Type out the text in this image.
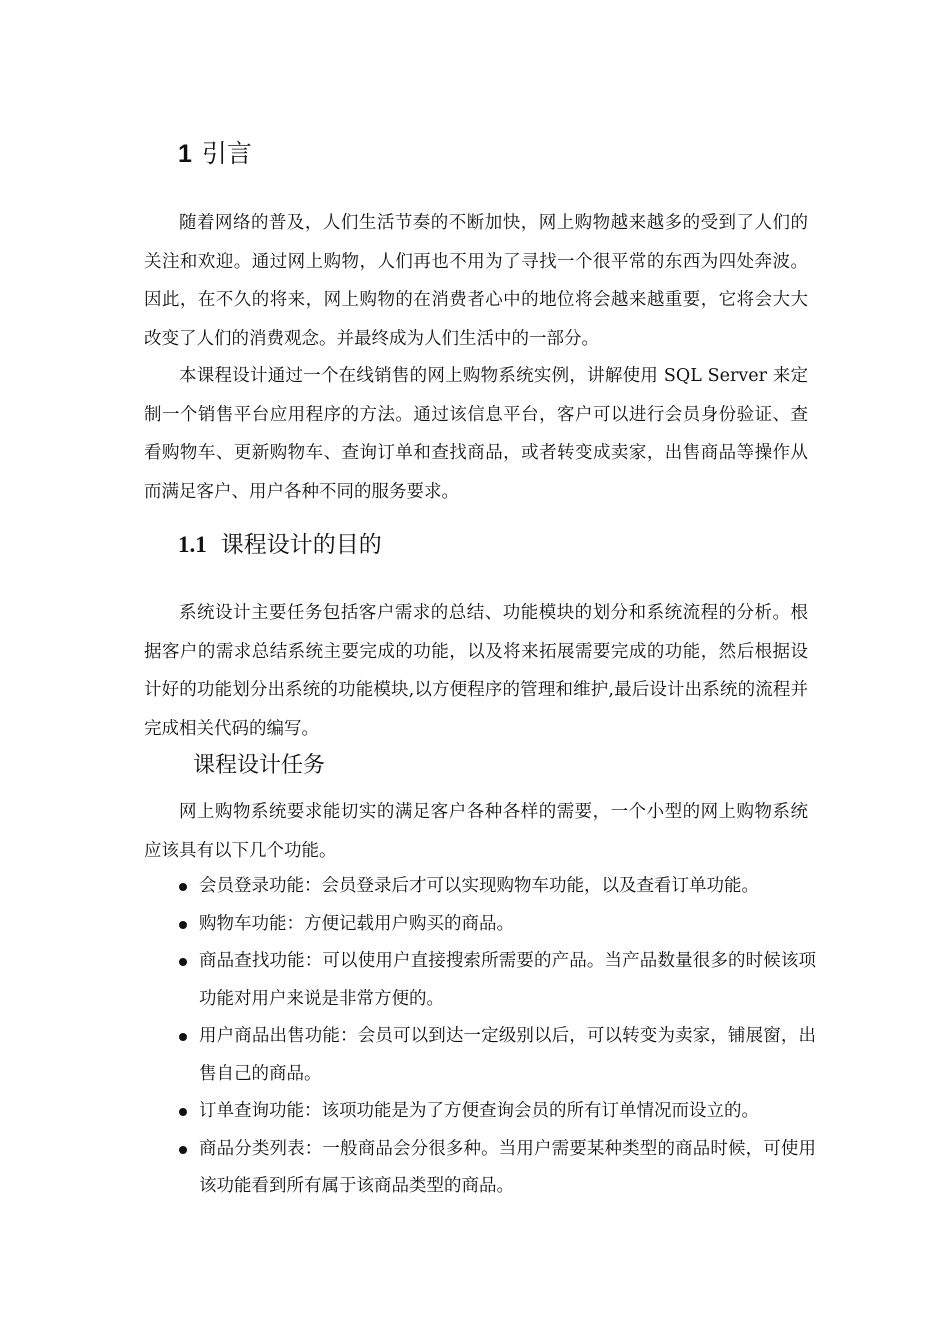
1 引言

随着网络的普及，人们生活节奏的不断加快，网上购物越来越多的受到了人们的关注和欢迎。通过网上购物，人们再也不用为了寻找一个很平常的东西为四处奔波。因此，在不久的将来，网上购物的在消费者心中的地位将会越来越重要，它将会大大改变了人们的消费观念。并最终成为人们生活中的一部分。

本课程设计通过一个在线销售的网上购物系统实例，讲解使用 SQL Server 来定制一个销售平台应用程序的方法。通过该信息平台，客户可以进行会员身份验证、查看购物车、更新购物车、查询订单和查找商品，或者转变成卖家，出售商品等操作从而满足客户、用户各种不同的服务要求。

1.1 课程设计的目的

系统设计主要任务包括客户需求的总结、功能模块的划分和系统流程的分析。根据客户的需求总结系统主要完成的功能，以及将来拓展需要完成的功能，然后根据设计好的功能划分出系统的功能模块,以方便程序的管理和维护,最后设计出系统的流程并完成相关代码的编写。

课程设计任务

网上购物系统要求能切实的满足客户各种各样的需要，一个小型的网上购物系统应该具有以下几个功能。

会员登录功能：会员登录后才可以实现购物车功能，以及查看订单功能。
购物车功能：方便记载用户购买的商品。
商品查找功能：可以使用户直接搜索所需要的产品。当产品数量很多的时候该项功能对用户来说是非常方便的。
用户商品出售功能：会员可以到达一定级别以后，可以转变为卖家，铺展窗，出售自己的商品。
订单查询功能：该项功能是为了方便查询会员的所有订单情况而设立的。
商品分类列表：一般商品会分很多种。当用户需要某种类型的商品时候，可使用该功能看到所有属于该商品类型的商品。
